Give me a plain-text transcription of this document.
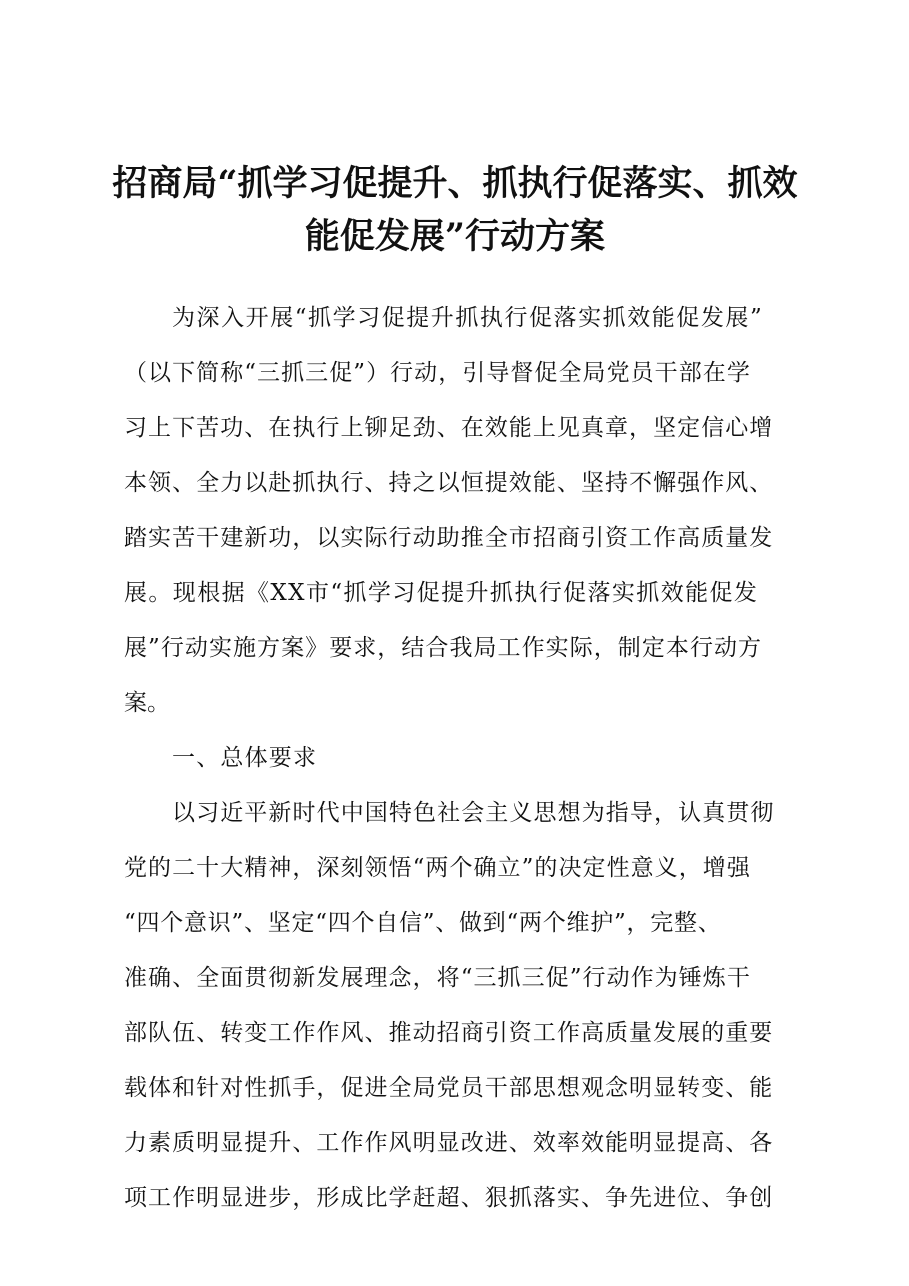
招商局“抓学习促提升、抓执行促落实、抓效
能促发展”行动方案
为深入开展“抓学习促提升抓执行促落实抓效能促发展”
（以下简称“三抓三促”）行动，引导督促全局党员干部在学
习上下苦功、在执行上铆足劲、在效能上见真章，坚定信心增
本领、全力以赴抓执行、持之以恒提效能、坚持不懈强作风、
踏实苦干建新功，以实际行动助推全市招商引资工作高质量发
展。现根据《XX市“抓学习促提升抓执行促落实抓效能促发
展”行动实施方案》要求，结合我局工作实际，制定本行动方
案。
一、总体要求
以习近平新时代中国特色社会主义思想为指导，认真贯彻
党的二十大精神，深刻领悟“两个确立”的决定性意义，增强
“四个意识”、坚定“四个自信”、做到“两个维护”，完整、
准确、全面贯彻新发展理念，将“三抓三促”行动作为锤炼干
部队伍、转变工作作风、推动招商引资工作高质量发展的重要
载体和针对性抓手，促进全局党员干部思想观念明显转变、能
力素质明显提升、工作作风明显改进、效率效能明显提高、各
项工作明显进步，形成比学赶超、狠抓落实、争先进位、争创
